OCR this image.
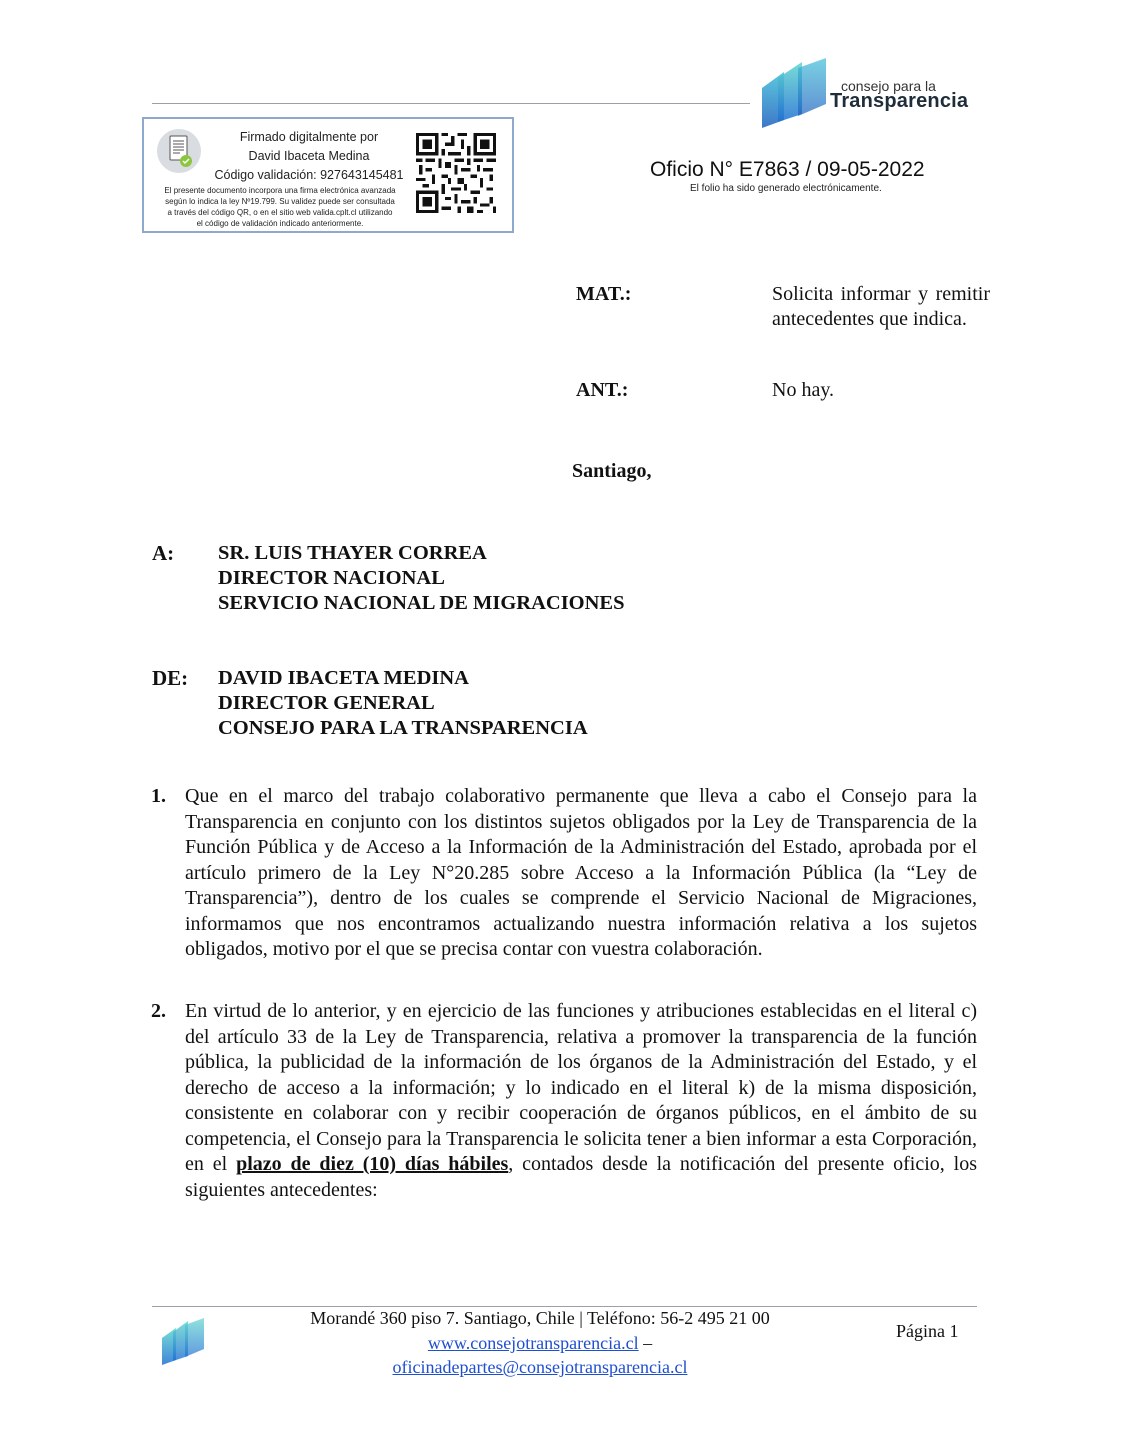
consejo para la
Transparencia
Firmado digitalmente por
David Ibaceta Medina
Código validación: 927643145481
El presente documento incorpora una firma electrónica avanzada
según lo indica la ley Nº19.799. Su validez puede ser consultada
a través del código QR, o en el sitio web valida.cplt.cl utilizando
el código de validación indicado anteriormente.
Oficio N° E7863 / 09-05-2022
El folio ha sido generado electrónicamente.
MAT.:	Solicita informar y remitir antecedentes que indica.
ANT.:	No hay.
Santiago,
A: SR. LUIS THAYER CORREA
DIRECTOR NACIONAL
SERVICIO NACIONAL DE MIGRACIONES
DE: DAVID IBACETA MEDINA
DIRECTOR GENERAL
CONSEJO PARA LA TRANSPARENCIA
1. Que en el marco del trabajo colaborativo permanente que lleva a cabo el Consejo para la Transparencia en conjunto con los distintos sujetos obligados por la Ley de Transparencia de la Función Pública y de Acceso a la Información de la Administración del Estado, aprobada por el artículo primero de la Ley N°20.285 sobre Acceso a la Información Pública (la “Ley de Transparencia”), dentro de los cuales se comprende el Servicio Nacional de Migraciones, informamos que nos encontramos actualizando nuestra información relativa a los sujetos obligados, motivo por el que se precisa contar con vuestra colaboración.
2. En virtud de lo anterior, y en ejercicio de las funciones y atribuciones establecidas en el literal c) del artículo 33 de la Ley de Transparencia, relativa a promover la transparencia de la función pública, la publicidad de la información de los órganos de la Administración del Estado, y el derecho de acceso a la información; y lo indicado en el literal k) de la misma disposición, consistente en colaborar con y recibir cooperación de órganos públicos, en el ámbito de su competencia, el Consejo para la Transparencia le solicita tener a bien informar a esta Corporación, en el plazo de diez (10) días hábiles, contados desde la notificación del presente oficio, los siguientes antecedentes:
Morandé 360 piso 7. Santiago, Chile | Teléfono: 56-2 495 21 00
www.consejotransparencia.cl –
oficinadepartes@consejotransparencia.cl
Página 1
